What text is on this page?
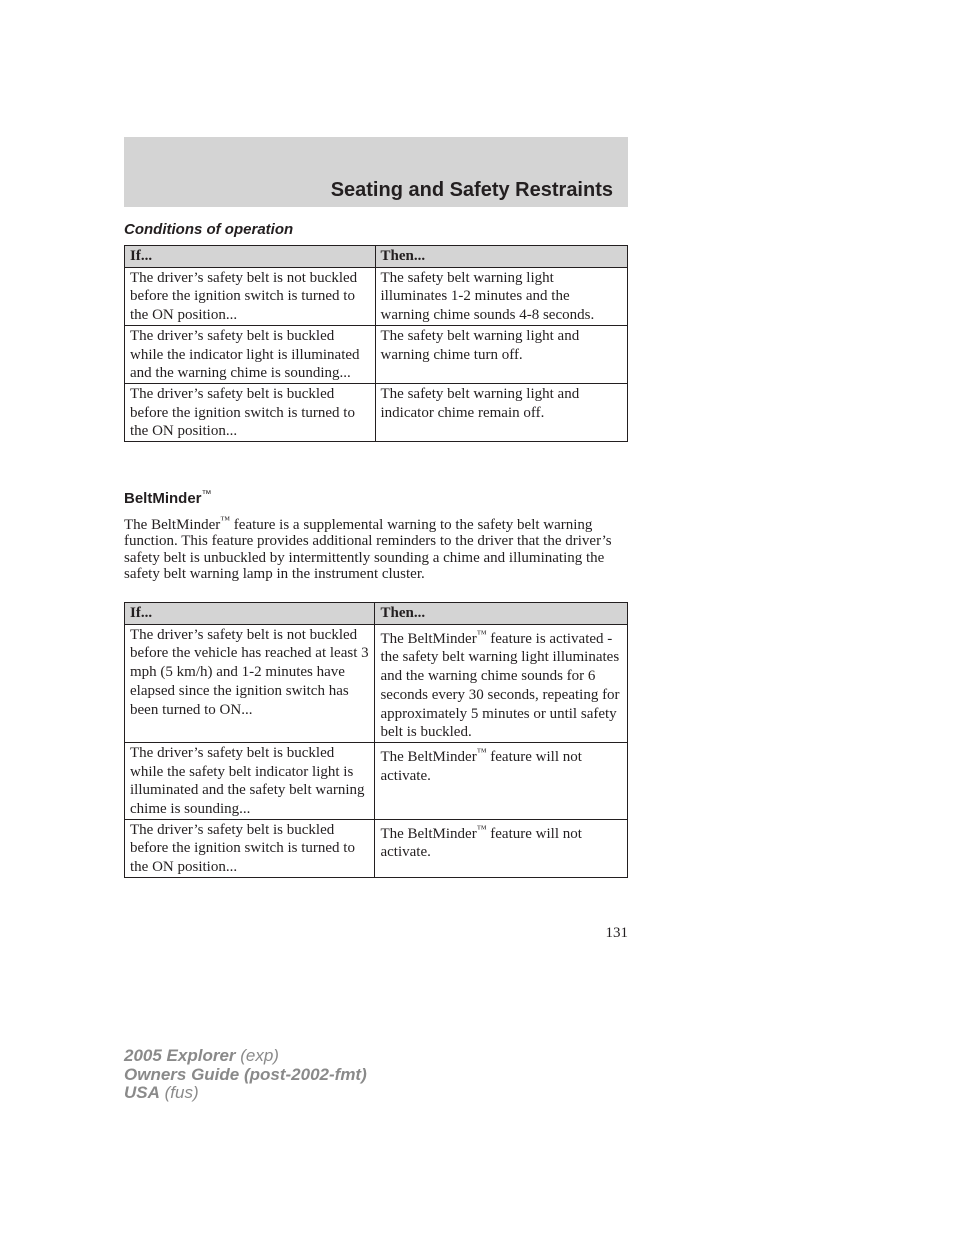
Seating and Safety Restraints
Conditions of operation
If...	Then...
The driver’s safety belt is not buckled before the ignition switch is turned to the ON position...	The safety belt warning light illuminates 1-2 minutes and the warning chime sounds 4-8 seconds.
The driver’s safety belt is buckled while the indicator light is illuminated and the warning chime is sounding...	The safety belt warning light and warning chime turn off.
The driver’s safety belt is buckled before the ignition switch is turned to the ON position...	The safety belt warning light and indicator chime remain off.
BeltMinder™
The BeltMinder™ feature is a supplemental warning to the safety belt warning function. This feature provides additional reminders to the driver that the driver’s safety belt is unbuckled by intermittently sounding a chime and illuminating the safety belt warning lamp in the instrument cluster.
If...	Then...
The driver’s safety belt is not buckled before the vehicle has reached at least 3 mph (5 km/h) and 1-2 minutes have elapsed since the ignition switch has been turned to ON...	The BeltMinder™ feature is activated - the safety belt warning light illuminates and the warning chime sounds for 6 seconds every 30 seconds, repeating for approximately 5 minutes or until safety belt is buckled.
The driver’s safety belt is buckled while the safety belt indicator light is illuminated and the safety belt warning chime is sounding...	The BeltMinder™ feature will not activate.
The driver’s safety belt is buckled before the ignition switch is turned to the ON position...	The BeltMinder™ feature will not activate.
131
2005 Explorer (exp)
Owners Guide (post-2002-fmt)
USA (fus)
